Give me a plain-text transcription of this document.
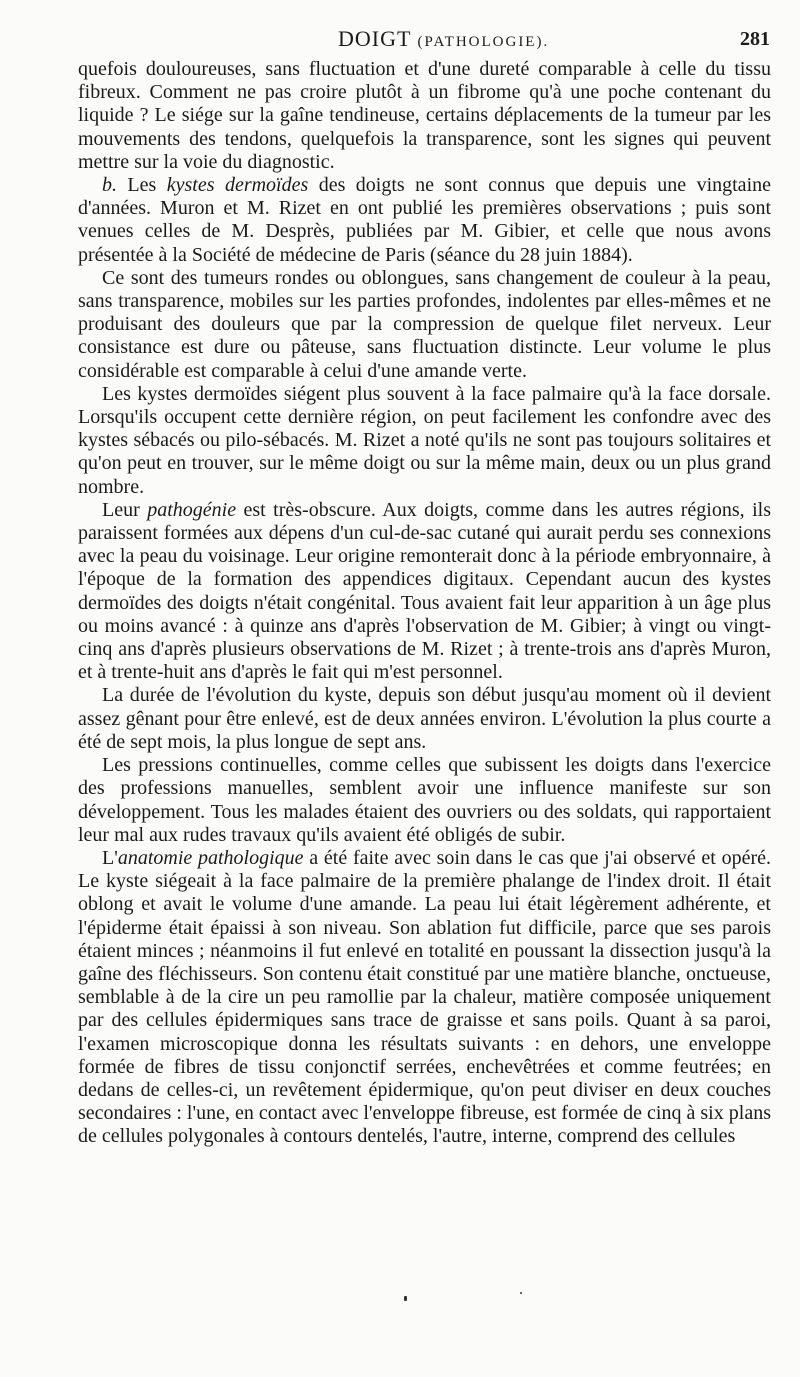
DOIGT (PATHOLOGIE).	281

quefois douloureuses, sans fluctuation et d'une dureté comparable à celle du tissu fibreux. Comment ne pas croire plutôt à un fibrome qu'à une poche contenant du liquide ? Le siége sur la gaîne tendineuse, certains déplacements de la tumeur par les mouvements des tendons, quelquefois la transparence, sont les signes qui peuvent mettre sur la voie du diagnostic.

b. Les kystes dermoïdes des doigts ne sont connus que depuis une vingtaine d'années. Muron et M. Rizet en ont publié les premières observations ; puis sont venues celles de M. Desprès, publiées par M. Gibier, et celle que nous avons présentée à la Société de médecine de Paris (séance du 28 juin 1884).

Ce sont des tumeurs rondes ou oblongues, sans changement de couleur à la peau, sans transparence, mobiles sur les parties profondes, indolentes par elles-mêmes et ne produisant des douleurs que par la compression de quelque filet nerveux. Leur consistance est dure ou pâteuse, sans fluctuation distincte. Leur volume le plus considérable est comparable à celui d'une amande verte.

Les kystes dermoïdes siégent plus souvent à la face palmaire qu'à la face dorsale. Lorsqu'ils occupent cette dernière région, on peut facilement les confondre avec des kystes sébacés ou pilo-sébacés. M. Rizet a noté qu'ils ne sont pas toujours solitaires et qu'on peut en trouver, sur le même doigt ou sur la même main, deux ou un plus grand nombre.

Leur pathogénie est très-obscure. Aux doigts, comme dans les autres régions, ils paraissent formées aux dépens d'un cul-de-sac cutané qui aurait perdu ses connexions avec la peau du voisinage. Leur origine remonterait donc à la période embryonnaire, à l'époque de la formation des appendices digitaux. Cependant aucun des kystes dermoïdes des doigts n'était congénital. Tous avaient fait leur apparition à un âge plus ou moins avancé : à quinze ans d'après l'observation de M. Gibier; à vingt ou vingt-cinq ans d'après plusieurs observations de M. Rizet ; à trente-trois ans d'après Muron, et à trente-huit ans d'après le fait qui m'est personnel.

La durée de l'évolution du kyste, depuis son début jusqu'au moment où il devient assez gênant pour être enlevé, est de deux années environ. L'évolution la plus courte a été de sept mois, la plus longue de sept ans.

Les pressions continuelles, comme celles que subissent les doigts dans l'exercice des professions manuelles, semblent avoir une influence manifeste sur son développement. Tous les malades étaient des ouvriers ou des soldats, qui rapportaient leur mal aux rudes travaux qu'ils avaient été obligés de subir.

L'anatomie pathologique a été faite avec soin dans le cas que j'ai observé et opéré. Le kyste siégeait à la face palmaire de la première phalange de l'index droit. Il était oblong et avait le volume d'une amande. La peau lui était légèrement adhérente, et l'épiderme était épaissi à son niveau. Son ablation fut difficile, parce que ses parois étaient minces ; néanmoins il fut enlevé en totalité en poussant la dissection jusqu'à la gaîne des fléchisseurs. Son contenu était constitué par une matière blanche, onctueuse, semblable à de la cire un peu ramollie par la chaleur, matière composée uniquement par des cellules épidermiques sans trace de graisse et sans poils. Quant à sa paroi, l'examen microscopique donna les résultats suivants : en dehors, une enveloppe formée de fibres de tissu conjonctif serrées, enchevêtrées et comme feutrées; en dedans de celles-ci, un revêtement épidermique, qu'on peut diviser en deux couches secondaires : l'une, en contact avec l'enveloppe fibreuse, est formée de cinq à six plans de cellules polygonales à contours dentelés, l'autre, interne, comprend des cellules
